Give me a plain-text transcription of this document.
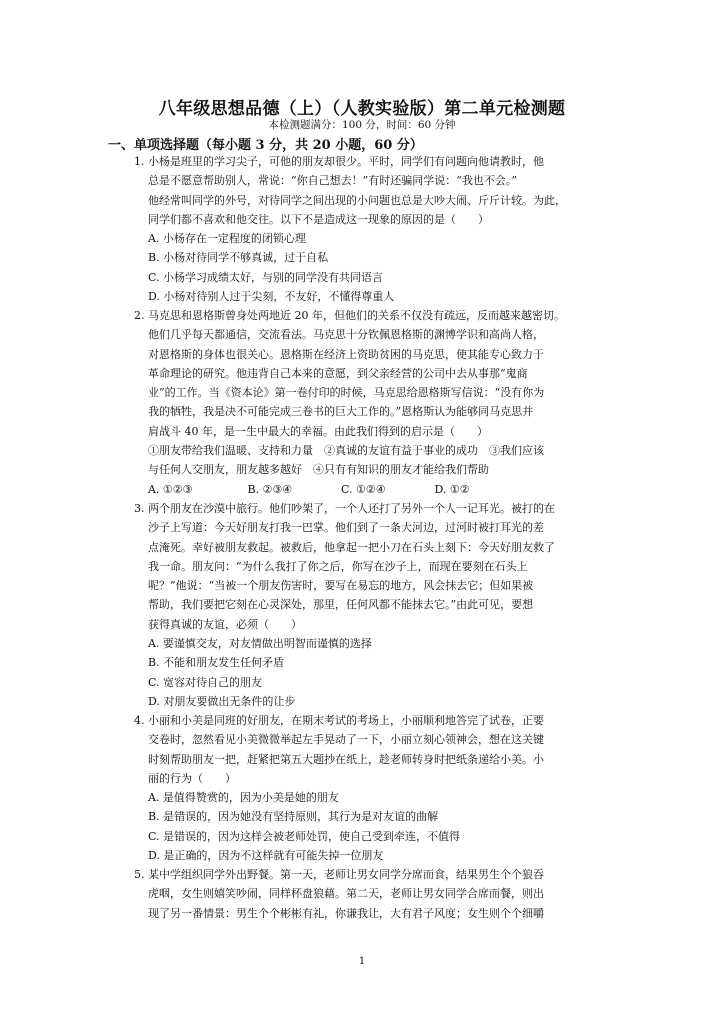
八年级思想品德（上）（人教实验版）第二单元检测题
本检测题满分：100 分，时间：60 分钟
一、单项选择题（每小题 3 分，共 20 小题，60 分）
1. 小杨是班里的学习尖子，可他的朋友却很少。平时，同学们有问题向他请教时，他
总是不愿意帮助别人，常说：“你自己想去！”有时还骗同学说：“我也不会。”
他经常叫同学的外号，对待同学之间出现的小问题也总是大吵大闹、斤斤计较。为此，
同学们都不喜欢和他交往。以下不是造成这一现象的原因的是（　　）
A. 小杨存在一定程度的闭锁心理
B. 小杨对待同学不够真诚，过于自私
C. 小杨学习成绩太好，与别的同学没有共同语言
D. 小杨对待别人过于尖刻，不友好，不懂得尊重人
2. 马克思和恩格斯曾身处两地近 20 年，但他们的关系不仅没有疏远，反而越来越密切。
他们几乎每天都通信，交流看法。马克思十分钦佩恩格斯的渊博学识和高尚人格，
对恩格斯的身体也很关心。恩格斯在经济上资助贫困的马克思，使其能专心致力于
革命理论的研究。他违背自己本来的意愿，到父亲经营的公司中去从事那“鬼商
业”的工作。当《资本论》第一卷付印的时候，马克思给恩格斯写信说：“没有你为
我的牺牲，我是决不可能完成三卷书的巨大工作的。”恩格斯认为能够同马克思并
肩战斗 40 年，是一生中最大的幸福。由此我们得到的启示是（　　）
①朋友带给我们温暖、支持和力量　②真诚的友谊有益于事业的成功　③我们应该
与任何人交朋友，朋友越多越好　④只有有知识的朋友才能给我们帮助
A. ①②③	B. ②③④	C. ①②④	D. ①②
3. 两个朋友在沙漠中旅行。他们吵架了，一个人还打了另外一个人一记耳光。被打的在
沙子上写道：今天好朋友打我一巴掌。他们到了一条大河边，过河时被打耳光的差
点淹死。幸好被朋友救起。被救后，他拿起一把小刀在石头上刻下：今天好朋友救了
我一命。朋友问：“为什么我打了你之后，你写在沙子上，而现在要刻在石头上
呢？”他说：“当被一个朋友伤害时，要写在易忘的地方，风会抹去它；但如果被
帮助，我们要把它刻在心灵深处，那里，任何风都不能抹去它。”由此可见，要想
获得真诚的友谊，必须（　　）
A. 要谨慎交友，对友情做出明智而谨慎的选择
B. 不能和朋友发生任何矛盾
C. 宽容对待自己的朋友
D. 对朋友要做出无条件的让步
4. 小丽和小美是同班的好朋友，在期末考试的考场上，小丽顺利地答完了试卷，正要
交卷时，忽然看见小美微微举起左手晃动了一下，小丽立刻心领神会，想在这关键
时刻帮助朋友一把，赶紧把第五大题抄在纸上，趁老师转身时把纸条递给小美。小
丽的行为（　　）
A. 是值得赞赏的，因为小美是她的朋友
B. 是错误的，因为她没有坚持原则，其行为是对友谊的曲解
C. 是错误的，因为这样会被老师处罚，使自己受到牵连，不值得
D. 是正确的，因为不这样就有可能失掉一位朋友
5. 某中学组织同学外出野餐。第一天，老师让男女同学分席而食，结果男生个个狼吞
虎咽，女生则嬉笑吵闹，同样杯盘狼藉。第二天，老师让男女同学合席而餐，则出
现了另一番情景：男生个个彬彬有礼，你谦我让，大有君子风度；女生则个个细嚼
1
